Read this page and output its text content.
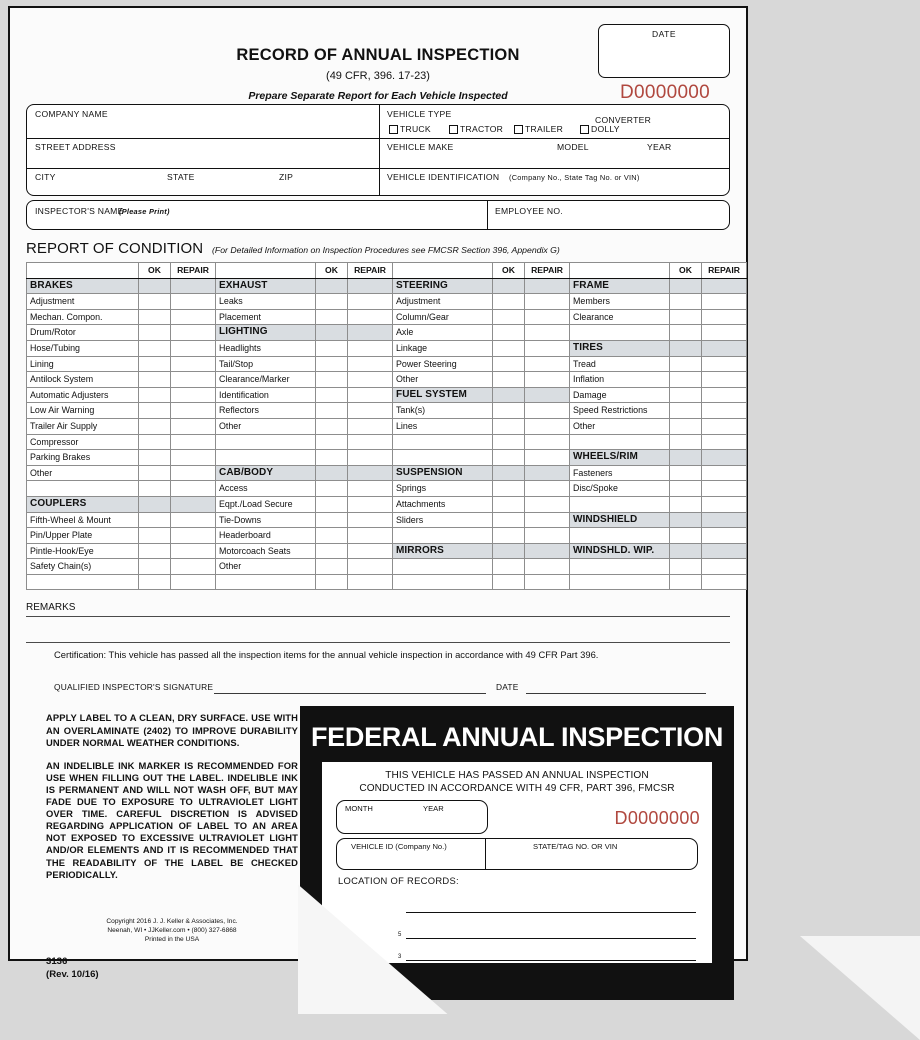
RECORD OF ANNUAL INSPECTION
(49 CFR, 396. 17-23)
Prepare Separate Report for Each Vehicle Inspected
DATE
D0000000
COMPANY NAME
STREET ADDRESS
CITY	STATE	ZIP
VEHICLE TYPE
CONVERTER
TRUCK	TRACTOR	TRAILER	DOLLY
VEHICLE MAKE	MODEL	YEAR
VEHICLE IDENTIFICATION (Company No., State Tag No. or VIN)
INSPECTOR'S NAME
(Please Print)	EMPLOYEE NO.
REPORT OF CONDITION (For Detailed Information on Inspection Procedures see FMCSR Section 396, Appendix G)
	OK	REPAIR		OK	REPAIR		OK	REPAIR		OK	REPAIR
BRAKES			EXHAUST			STEERING			FRAME		
Adjustment			Leaks			Adjustment			Members		
Mechan. Compon.			Placement			Column/Gear			Clearance		
Drum/Rotor			LIGHTING			Axle					
Hose/Tubing			Headlights			Linkage			TIRES		
Lining			Tail/Stop			Power Steering			Tread		
Antilock System			Clearance/Marker			Other			Inflation		
Automatic Adjusters			Identification			FUEL SYSTEM			Damage		
Low Air Warning			Reflectors			Tank(s)			Speed Restrictions		
Trailer Air Supply			Other			Lines			Other		
Compressor											
Parking Brakes									WHEELS/RIM		
Other			CAB/BODY			SUSPENSION			Fasteners		
			Access			Springs			Disc/Spoke		
COUPLERS			Eqpt./Load Secure			Attachments					
Fifth-Wheel & Mount			Tie-Downs			Sliders			WINDSHIELD		
Pin/Upper Plate			Headerboard								
Pintle-Hook/Eye			Motorcoach Seats			MIRRORS			WINDSHLD. WIP.		
Safety Chain(s)			Other								

REMARKS
Certification: This vehicle has passed all the inspection items for the annual vehicle inspection in accordance with 49 CFR Part 396.
QUALIFIED INSPECTOR'S SIGNATURE	DATE

APPLY LABEL TO A CLEAN, DRY SURFACE. USE WITH AN OVERLAMINATE (2402) TO IMPROVE DURABILITY UNDER NORMAL WEATHER CONDITIONS.

AN INDELIBLE INK MARKER IS RECOMMENDED FOR USE WHEN FILLING OUT THE LABEL. INDELIBLE INK IS PERMANENT AND WILL NOT WASH OFF, BUT MAY FADE DUE TO EXPOSURE TO ULTRAVIOLET LIGHT OVER TIME. CAREFUL DISCRETION IS ADVISED REGARDING APPLICATION OF LABEL TO AN AREA NOT EXPOSED TO EXCESSIVE ULTRAVIOLET LIGHT AND/OR ELEMENTS AND IT IS RECOMMENDED THAT THE READABILITY OF THE LABEL BE CHECKED PERIODICALLY.

Copyright 2016 J. J. Keller & Associates, Inc.
Neenah, WI • JJKeller.com • (800) 327-6868
Printed in the USA
3136
(Rev. 10/16)
FEDERAL ANNUAL INSPECTION
THIS VEHICLE HAS PASSED AN ANNUAL INSPECTION
CONDUCTED IN ACCORDANCE WITH 49 CFR, PART 396, FMCSR
MONTH	YEAR	D0000000
VEHICLE ID (Company No.)	STATE/TAG NO. OR VIN
LOCATION OF RECORDS:
5
3
